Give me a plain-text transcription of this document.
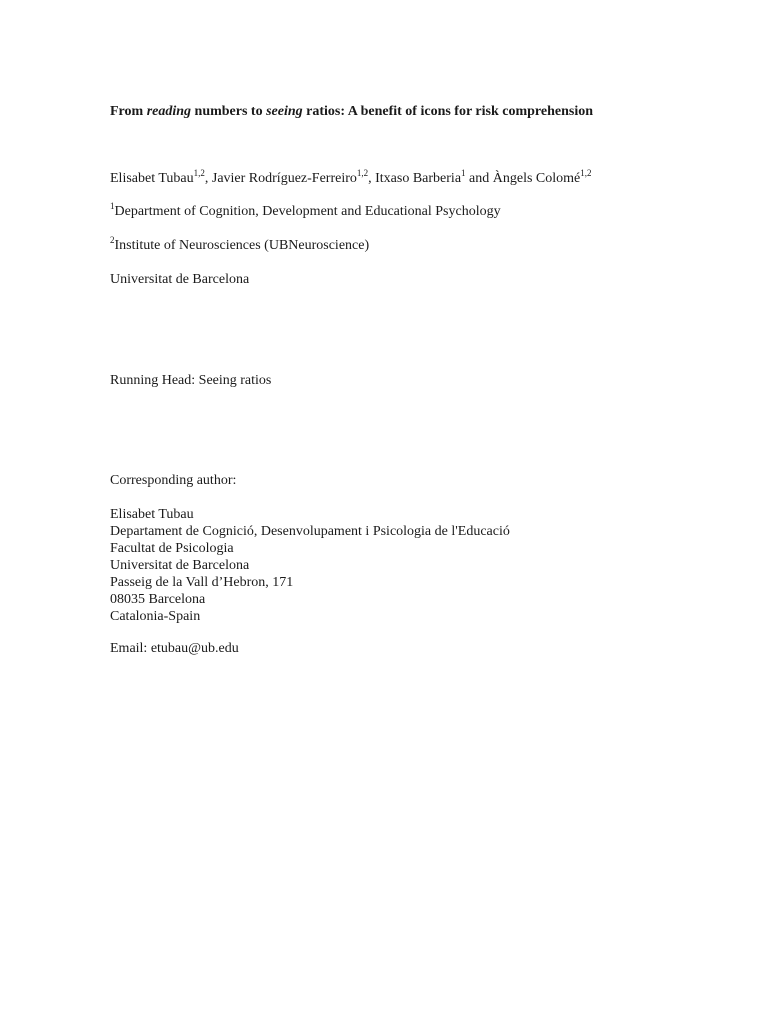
From reading numbers to seeing ratios: A benefit of icons for risk comprehension
Elisabet Tubau$^{1,2}$, Javier Rodríguez-Ferreiro$^{1,2}$, Itxaso Barberia$^1$ and Àngels Colomé$^{1,2}$
$^1$Department of Cognition, Development and Educational Psychology
$^2$Institute of Neurosciences (UBNeuroscience)
Universitat de Barcelona
Running Head: Seeing ratios
Corresponding author:
Elisabet Tubau
Departament de Cognició, Desenvolupament i Psicologia de l'Educació
Facultat de Psicologia
Universitat de Barcelona
Passeig de la Vall d’Hebron, 171
08035 Barcelona
Catalonia-Spain
Email: etubau@ub.edu
